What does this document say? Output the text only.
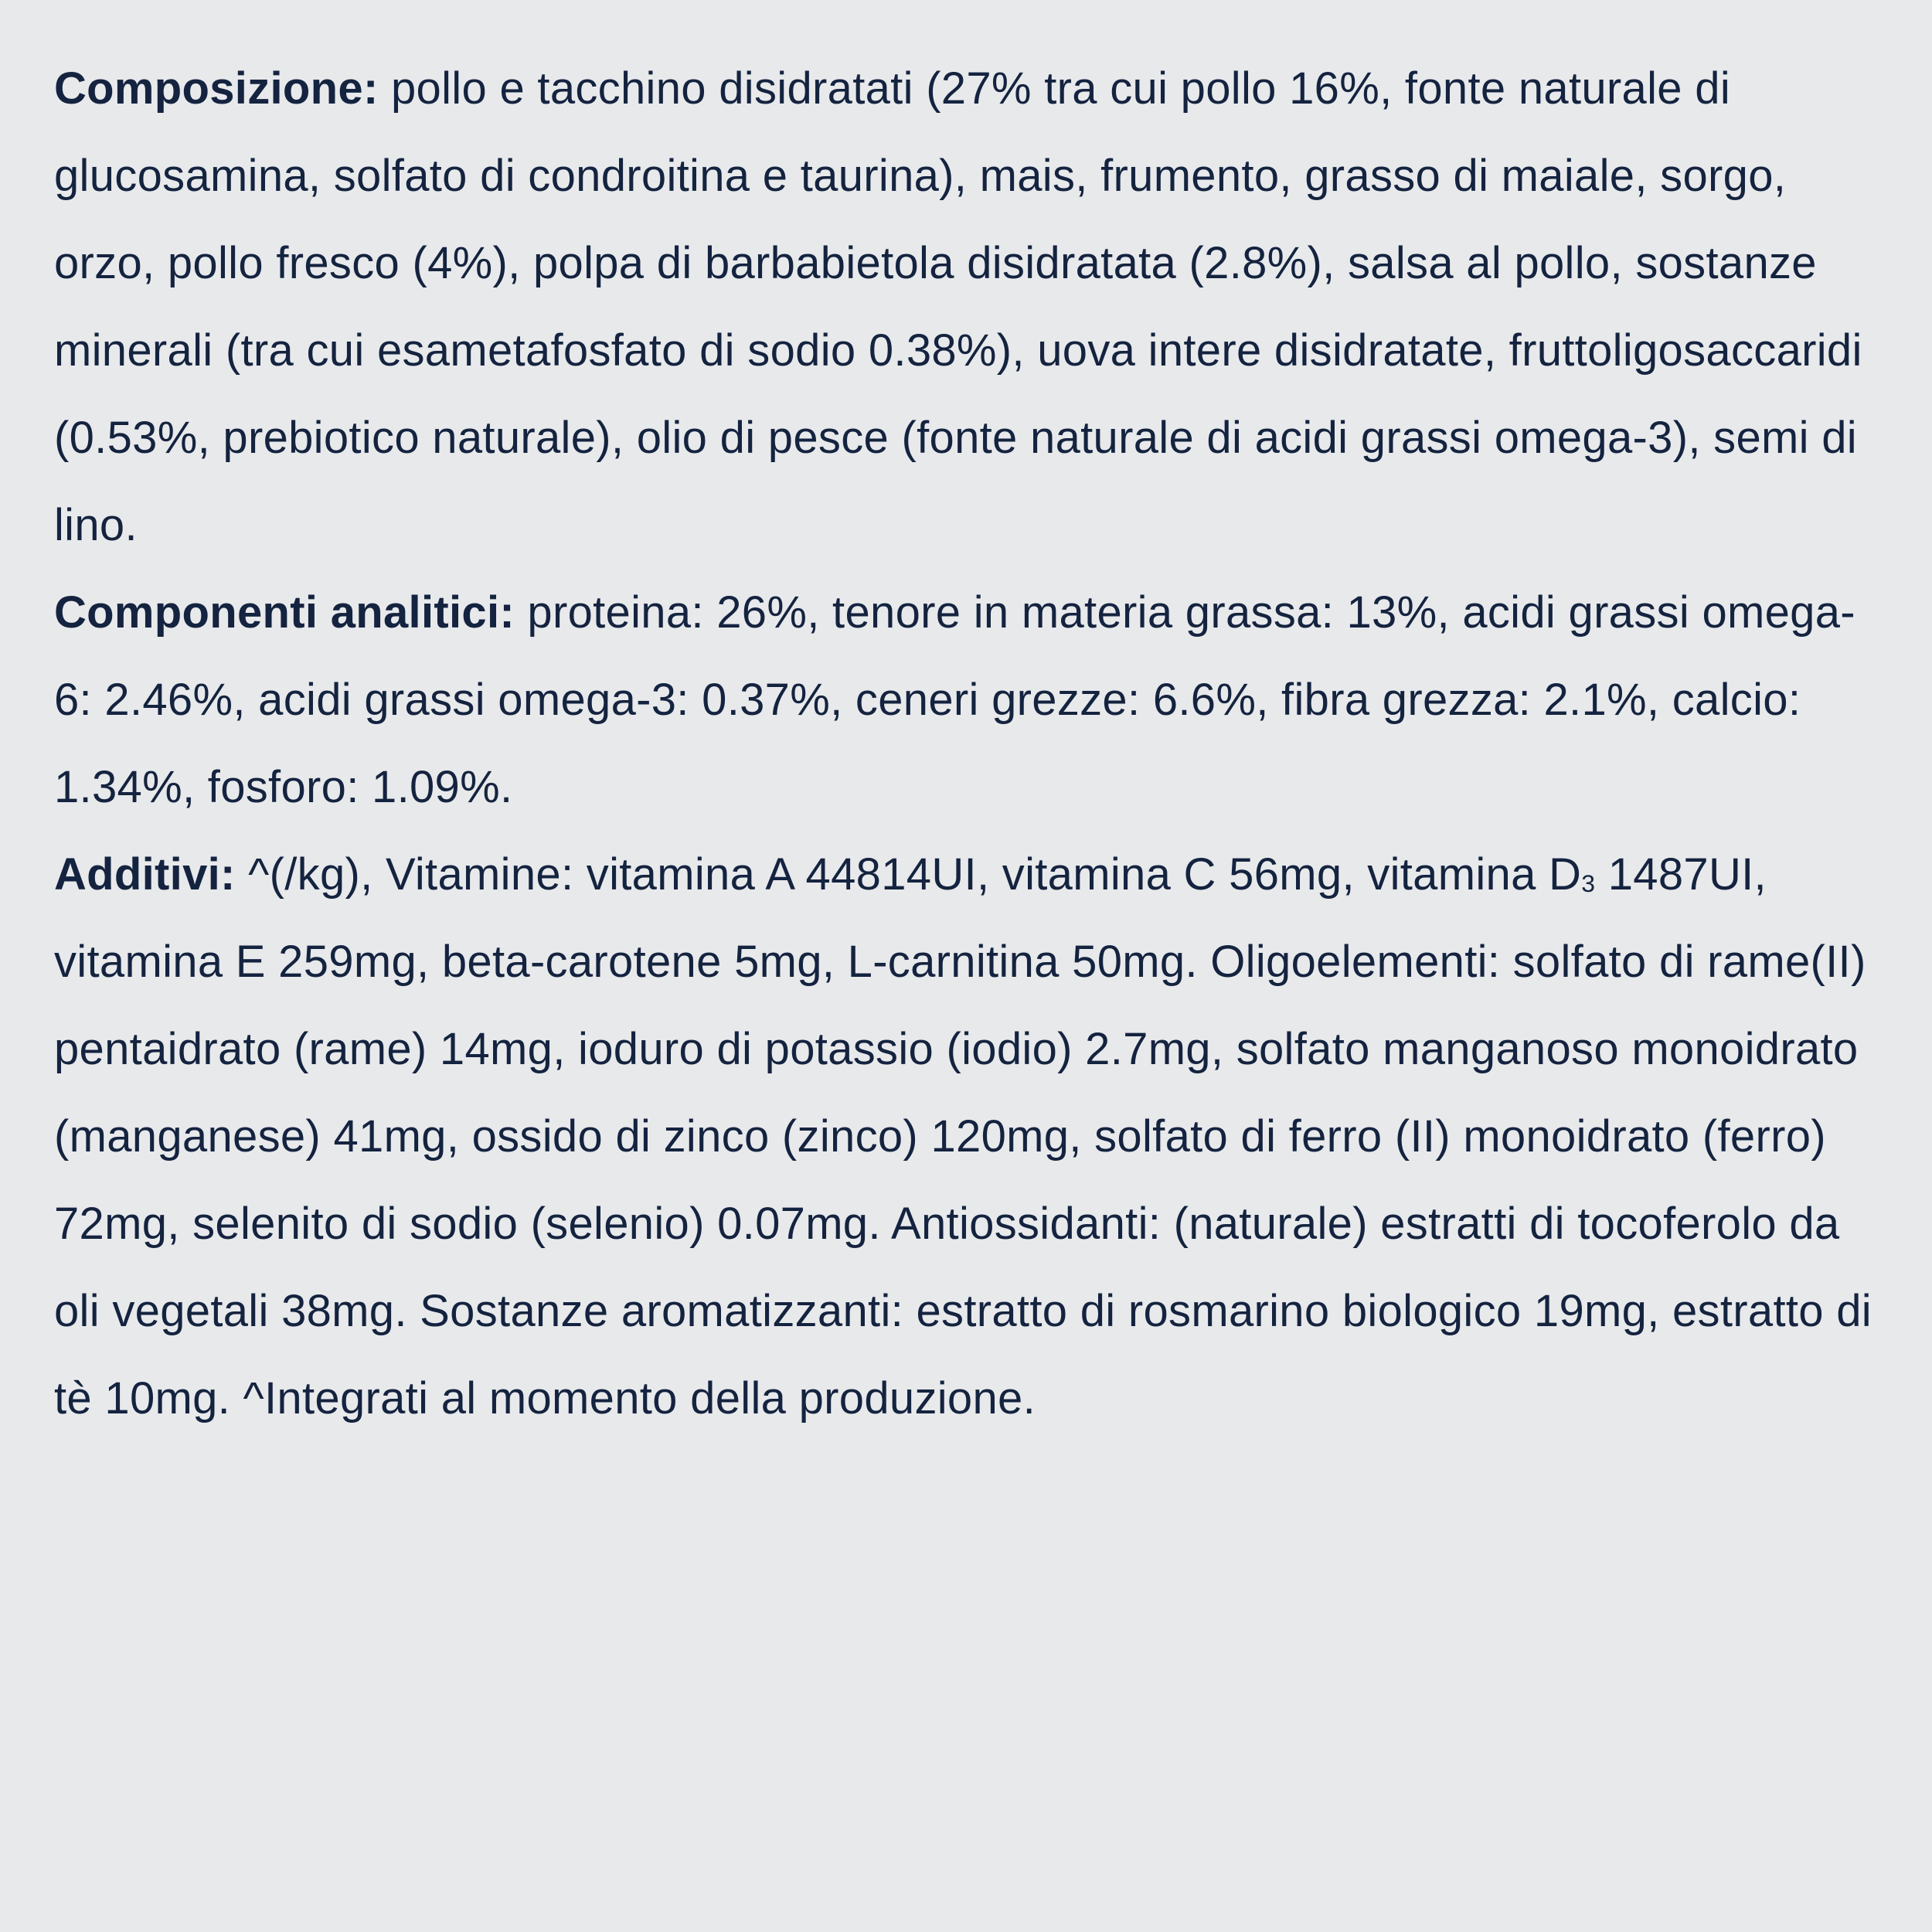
Composizione: pollo e tacchino disidratati (27% tra cui pollo 16%, fonte naturale di glucosamina, solfato di condroitina e taurina), mais, frumento, grasso di maiale, sorgo, orzo, pollo fresco (4%), polpa di barbabietola disidratata (2.8%), salsa al pollo, sostanze minerali (tra cui esametafosfato di sodio 0.38%), uova intere disidratate, fruttoligosaccaridi (0.53%, prebiotico naturale), olio di pesce (fonte naturale di acidi grassi omega-3), semi di lino.
Componenti analitici: proteina: 26%, tenore in materia grassa: 13%, acidi grassi omega-6: 2.46%, acidi grassi omega-3: 0.37%, ceneri grezze: 6.6%, fibra grezza: 2.1%, calcio: 1.34%, fosforo: 1.09%.
Additivi: ^(/kg), Vitamine: vitamina A 44814UI, vitamina C 56mg, vitamina $D_3$ 1487UI, vitamina E 259mg, beta-carotene 5mg, L-carnitina 50mg. Oligoelementi: solfato di rame(II) pentaidrato (rame) 14mg, ioduro di potassio (iodio) 2.7mg, solfato manganoso monoidrato (manganese) 41mg, ossido di zinco (zinco) 120mg, solfato di ferro (II) monoidrato (ferro) 72mg, selenito di sodio (selenio) 0.07mg. Antiossidanti: (naturale) estratti di tocoferolo da oli vegetali 38mg. Sostanze aromatizzanti: estratto di rosmarino biologico 19mg, estratto di tè 10mg. ^Integrati al momento della produzione.
